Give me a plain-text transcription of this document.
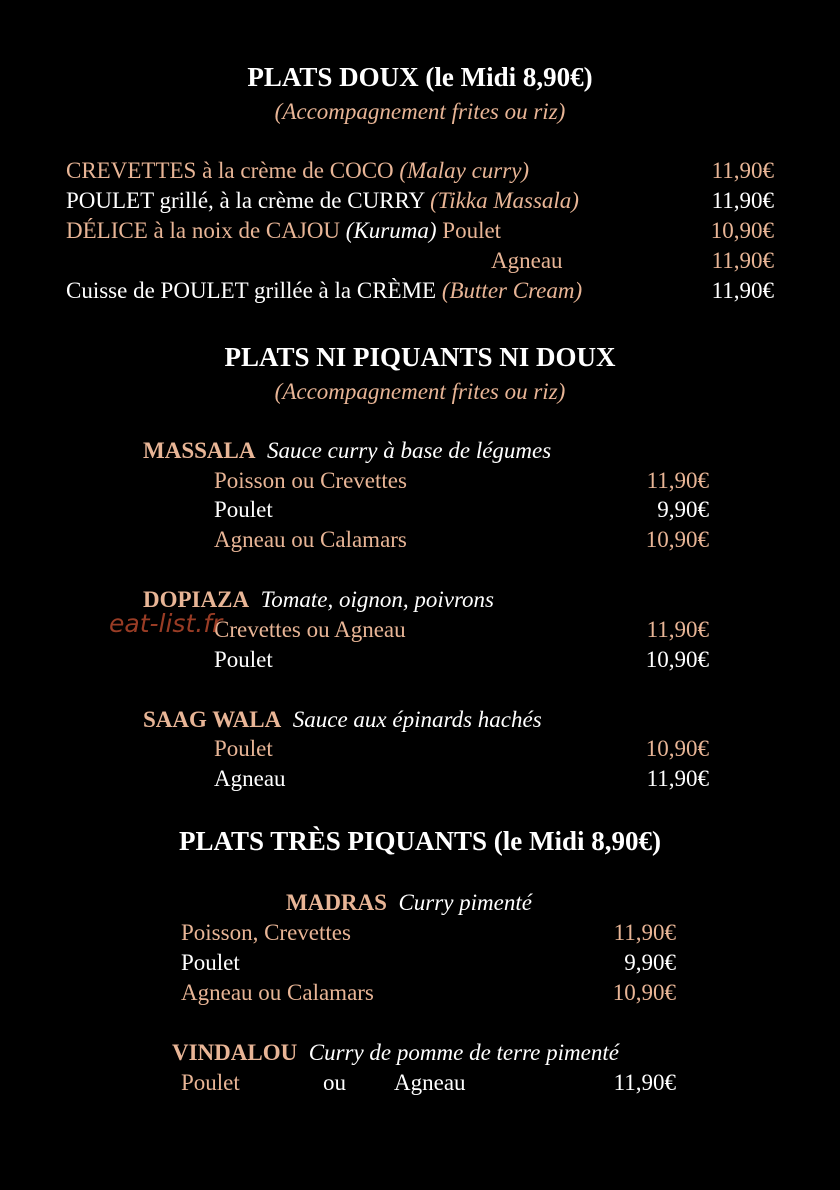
PLATS DOUX (le Midi 8,90€)
(Accompagnement frites ou riz)
CREVETTES à la crème de COCO (Malay curry)	11,90€
POULET grillé, à la crème de CURRY (Tikka Massala)	11,90€
DÉLICE à la noix de CAJOU (Kuruma) Poulet	10,90€
Agneau	11,90€
Cuisse de POULET grillée à la CRÈME (Butter Cream)	11,90€
PLATS NI PIQUANTS NI DOUX
(Accompagnement frites ou riz)
MASSALA Sauce curry à base de légumes
Poisson ou Crevettes	11,90€
Poulet	9,90€
Agneau ou Calamars	10,90€
DOPIAZA Tomate, oignon, poivrons
Crevettes ou Agneau	11,90€
Poulet	10,90€
eat-list.fr
SAAG WALA Sauce aux épinards hachés
Poulet	10,90€
Agneau	11,90€
PLATS TRÈS PIQUANTS (le Midi 8,90€)
MADRAS Curry pimenté
Poisson, Crevettes	11,90€
Poulet	9,90€
Agneau ou Calamars	10,90€
VINDALOU Curry de pomme de terre pimenté
Poulet	ou Agneau	11,90€
